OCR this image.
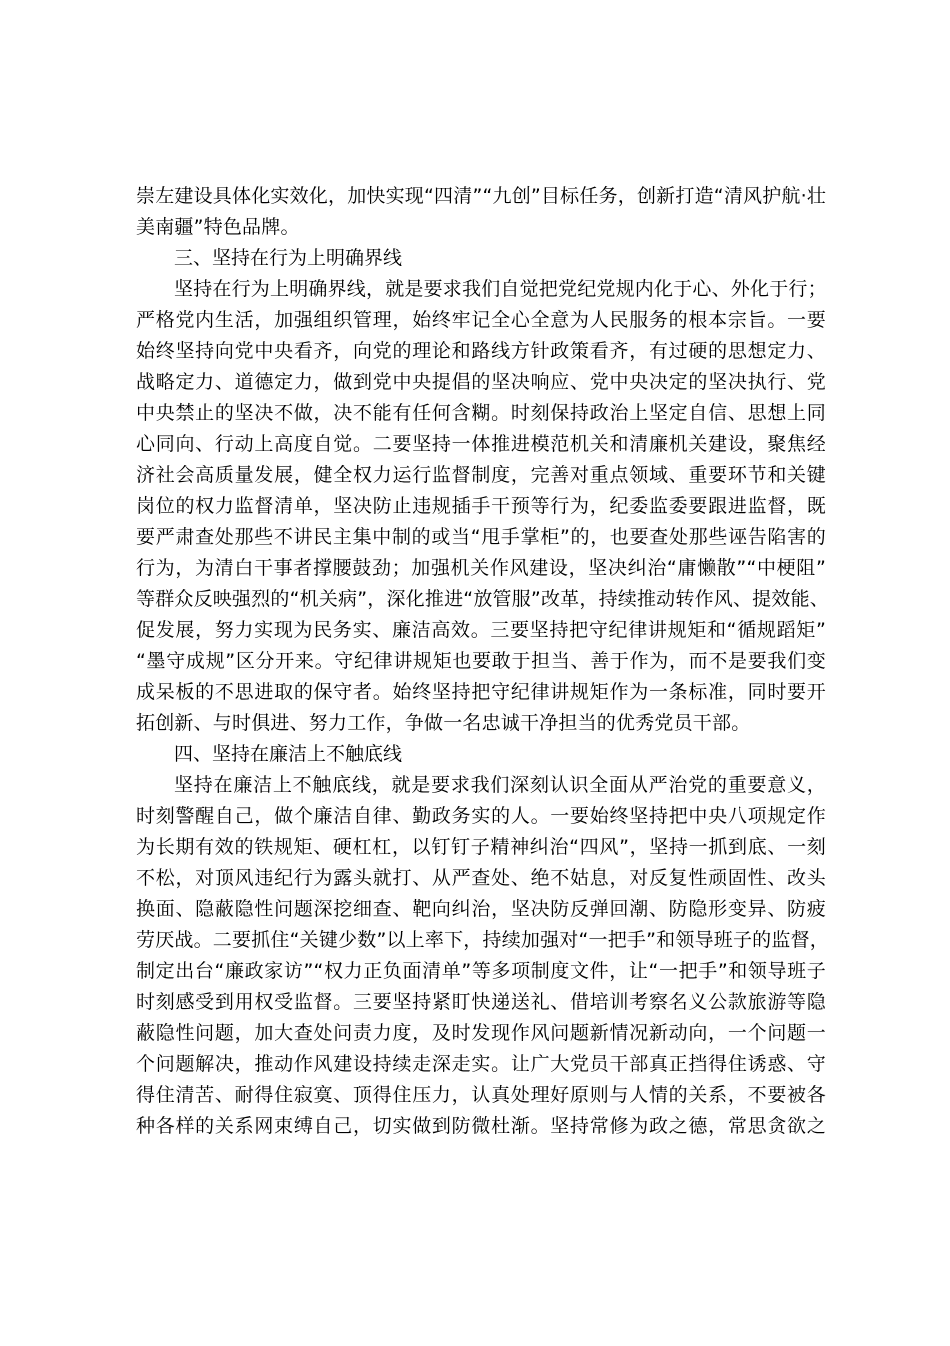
崇左建设具体化实效化，加快实现“四清”“九创”目标任务，创新打造“清风护航·壮
美南疆”特色品牌。
三、坚持在行为上明确界线
坚持在行为上明确界线，就是要求我们自觉把党纪党规内化于心、外化于行；
严格党内生活，加强组织管理，始终牢记全心全意为人民服务的根本宗旨。一要
始终坚持向党中央看齐，向党的理论和路线方针政策看齐，有过硬的思想定力、
战略定力、道德定力，做到党中央提倡的坚决响应、党中央决定的坚决执行、党
中央禁止的坚决不做，决不能有任何含糊。时刻保持政治上坚定自信、思想上同
心同向、行动上高度自觉。二要坚持一体推进模范机关和清廉机关建设，聚焦经
济社会高质量发展，健全权力运行监督制度，完善对重点领域、重要环节和关键
岗位的权力监督清单，坚决防止违规插手干预等行为，纪委监委要跟进监督，既
要严肃查处那些不讲民主集中制的或当“甩手掌柜”的，也要查处那些诬告陷害的
行为，为清白干事者撑腰鼓劲；加强机关作风建设，坚决纠治“庸懒散”“中梗阻”
等群众反映强烈的“机关病”，深化推进“放管服”改革，持续推动转作风、提效能、
促发展，努力实现为民务实、廉洁高效。三要坚持把守纪律讲规矩和“循规蹈矩”
“墨守成规”区分开来。守纪律讲规矩也要敢于担当、善于作为，而不是要我们变
成呆板的不思进取的保守者。始终坚持把守纪律讲规矩作为一条标准，同时要开
拓创新、与时俱进、努力工作，争做一名忠诚干净担当的优秀党员干部。
四、坚持在廉洁上不触底线
坚持在廉洁上不触底线，就是要求我们深刻认识全面从严治党的重要意义，
时刻警醒自己，做个廉洁自律、勤政务实的人。一要始终坚持把中央八项规定作
为长期有效的铁规矩、硬杠杠，以钉钉子精神纠治“四风”，坚持一抓到底、一刻
不松，对顶风违纪行为露头就打、从严查处、绝不姑息，对反复性顽固性、改头
换面、隐蔽隐性问题深挖细查、靶向纠治，坚决防反弹回潮、防隐形变异、防疲
劳厌战。二要抓住“关键少数”以上率下，持续加强对“一把手”和领导班子的监督，
制定出台“廉政家访”“权力正负面清单”等多项制度文件，让“一把手”和领导班子
时刻感受到用权受监督。三要坚持紧盯快递送礼、借培训考察名义公款旅游等隐
蔽隐性问题，加大查处问责力度，及时发现作风问题新情况新动向，一个问题一
个问题解决，推动作风建设持续走深走实。让广大党员干部真正挡得住诱惑、守
得住清苦、耐得住寂寞、顶得住压力，认真处理好原则与人情的关系，不要被各
种各样的关系网束缚自己，切实做到防微杜渐。坚持常修为政之德，常思贪欲之
